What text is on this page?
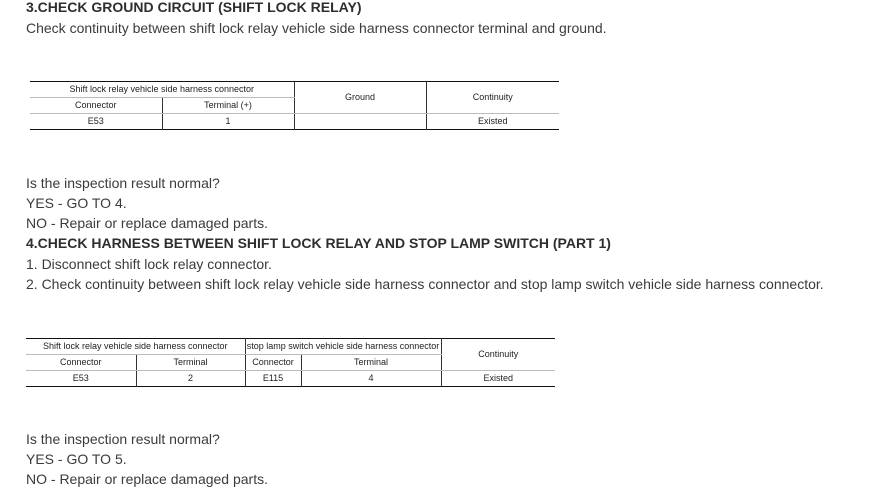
3.CHECK GROUND CIRCUIT (SHIFT LOCK RELAY)
Check continuity between shift lock relay vehicle side harness connector terminal and ground.
Shift lock relay vehicle side harness connector		Ground	Continuity
Connector	Terminal (+)		
E53	1		Existed
Is the inspection result normal?
YES - GO TO 4.
NO - Repair or replace damaged parts.
4.CHECK HARNESS BETWEEN SHIFT LOCK RELAY AND STOP LAMP SWITCH (PART 1)
1. Disconnect shift lock relay connector.
2. Check continuity between shift lock relay vehicle side harness connector and stop lamp switch vehicle side harness connector.
Shift lock relay vehicle side harness connector		stop lamp switch vehicle side harness connector		Continuity
Connector	Terminal	Connector	Terminal	
E53	2	E115	4	Existed
Is the inspection result normal?
YES - GO TO 5.
NO - Repair or replace damaged parts.
